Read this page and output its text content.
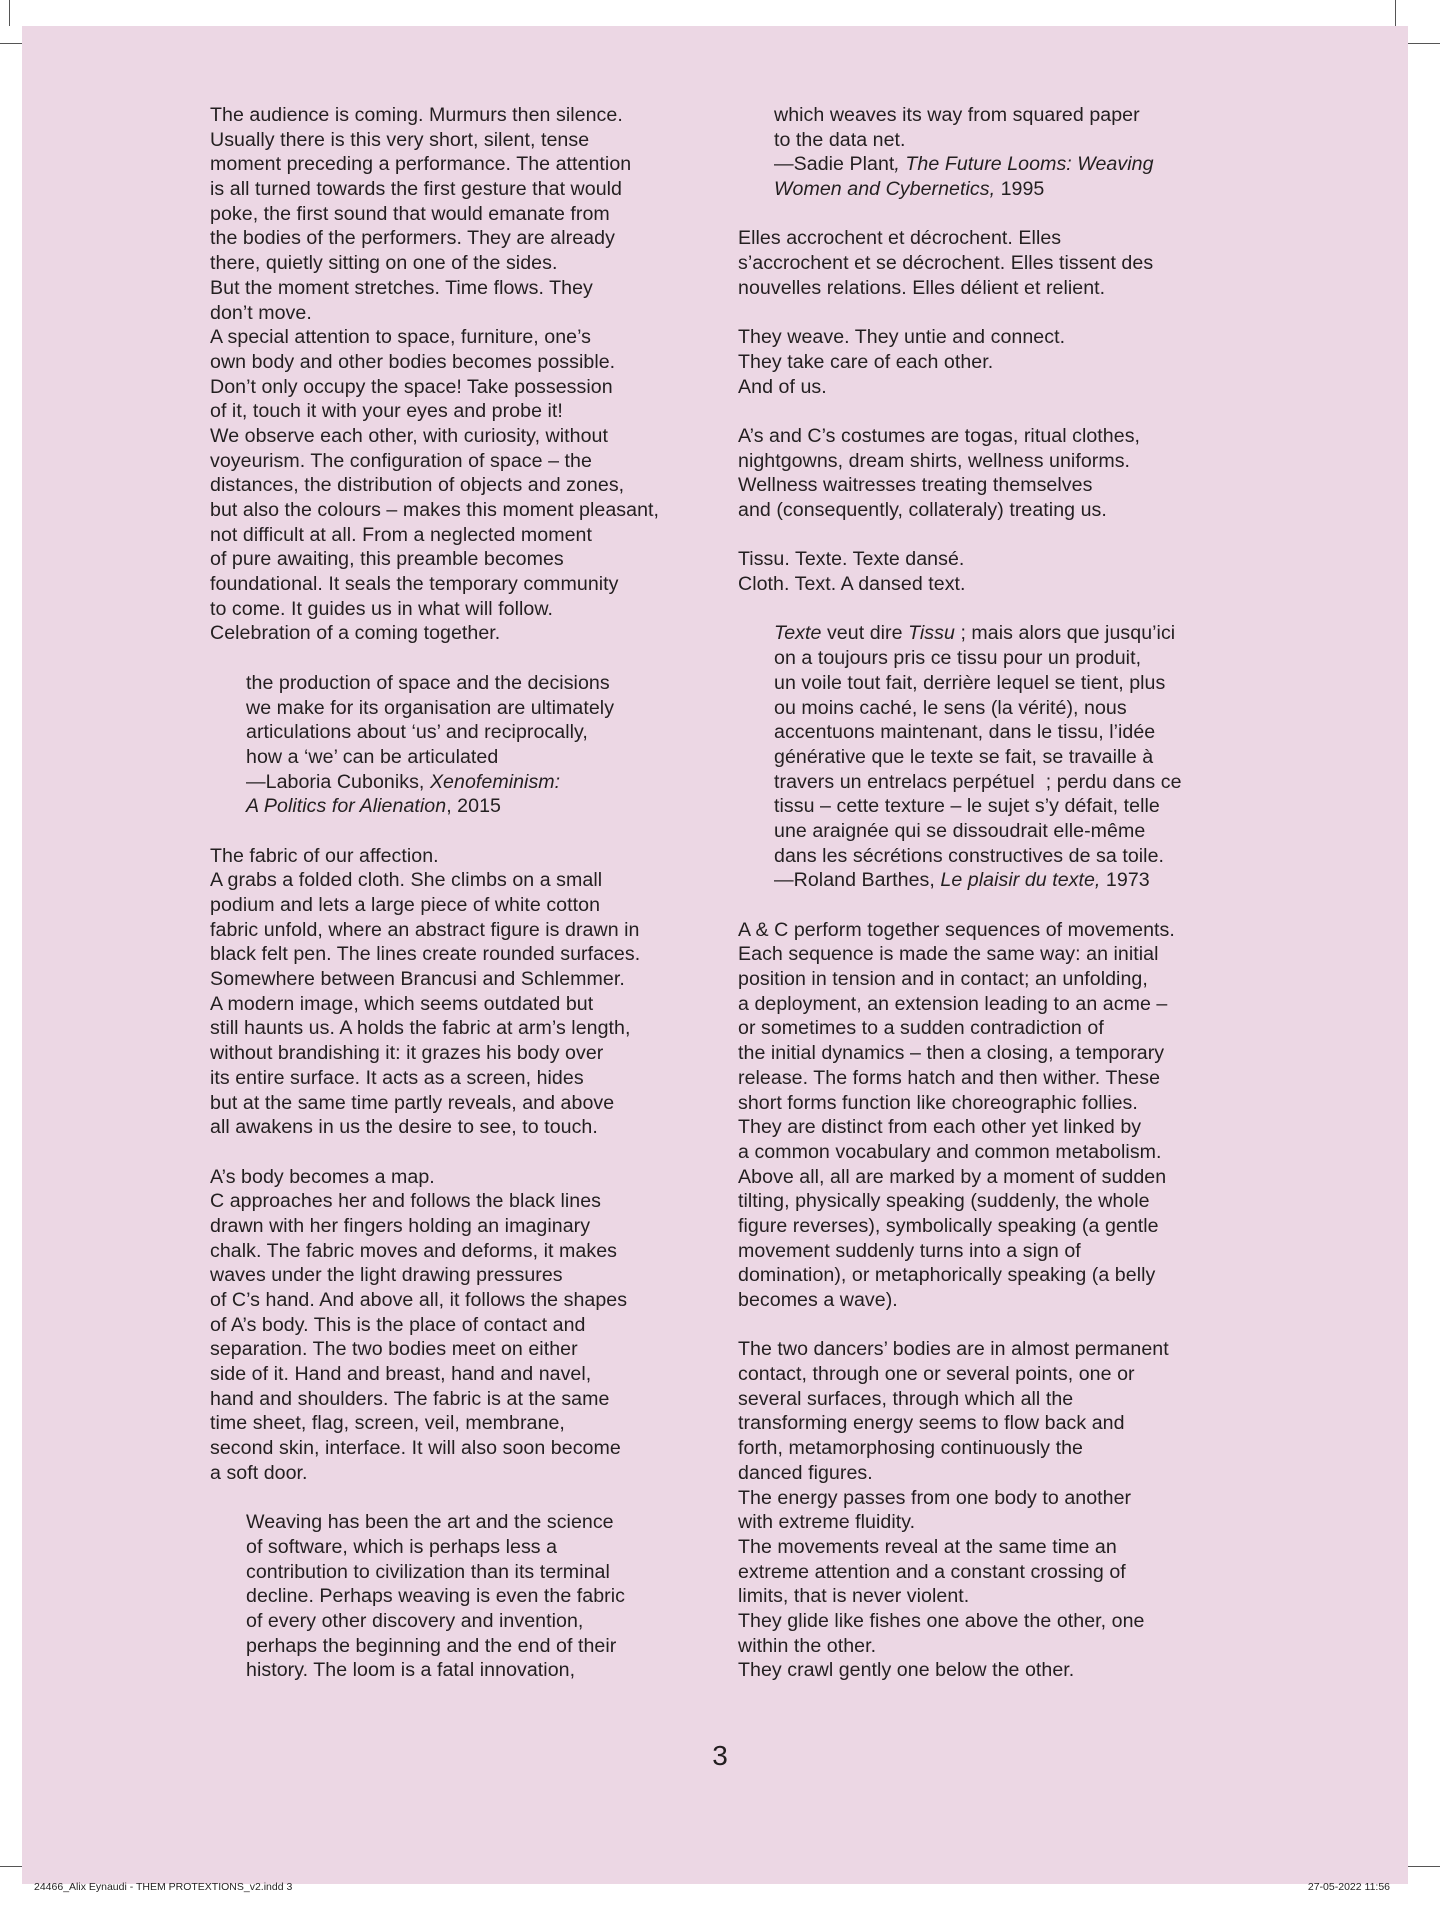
The audience is coming. Murmurs then silence.
Usually there is this very short, silent, tense
moment preceding a performance. The attention
is all turned towards the first gesture that would
poke, the first sound that would emanate from
the bodies of the performers. They are already
there, quietly sitting on one of the sides.
But the moment stretches. Time flows. They
don’t move.
A special attention to space, furniture, one’s
own body and other bodies becomes possible.
Don’t only occupy the space! Take possession
of it, touch it with your eyes and probe it!
We observe each other, with curiosity, without
voyeurism. The configuration of space – the
distances, the distribution of objects and zones,
but also the colours – makes this moment pleasant,
not difficult at all. From a neglected moment
of pure awaiting, this preamble becomes
foundational. It seals the temporary community
to come. It guides us in what will follow.
Celebration of a coming together.
the production of space and the decisions
we make for its organisation are ultimately
articulations about ‘us’ and reciprocally,
how a ‘we’ can be articulated
—Laboria Cuboniks, Xenofeminism:
A Politics for Alienation, 2015
The fabric of our affection.
A grabs a folded cloth. She climbs on a small
podium and lets a large piece of white cotton
fabric unfold, where an abstract figure is drawn in
black felt pen. The lines create rounded surfaces.
Somewhere between Brancusi and Schlemmer.
A modern image, which seems outdated but
still haunts us. A holds the fabric at arm’s length,
without brandishing it: it grazes his body over
its entire surface. It acts as a screen, hides
but at the same time partly reveals, and above
all awakens in us the desire to see, to touch.
A’s body becomes a map.
C approaches her and follows the black lines
drawn with her fingers holding an imaginary
chalk. The fabric moves and deforms, it makes
waves under the light drawing pressures
of C’s hand. And above all, it follows the shapes
of A’s body. This is the place of contact and
separation. The two bodies meet on either
side of it. Hand and breast, hand and navel,
hand and shoulders. The fabric is at the same
time sheet, flag, screen, veil, membrane,
second skin, interface. It will also soon become
a soft door.
Weaving has been the art and the science
of software, which is perhaps less a
contribution to civilization than its terminal
decline. Perhaps weaving is even the fabric
of every other discovery and invention,
perhaps the beginning and the end of their
history. The loom is a fatal innovation,
which weaves its way from squared paper
to the data net.
—Sadie Plant, The Future Looms: Weaving
Women and Cybernetics, 1995
Elles accrochent et décrochent. Elles
s’accrochent et se décrochent. Elles tissent des
nouvelles relations. Elles délient et relient.
They weave. They untie and connect.
They take care of each other.
And of us.
A’s and C’s costumes are togas, ritual clothes,
nightgowns, dream shirts, wellness uniforms.
Wellness waitresses treating themselves
and (consequently, collateraly) treating us.
Tissu. Texte. Texte dansé.
Cloth. Text. A dansed text.
Texte veut dire Tissu ; mais alors que jusqu’ici
on a toujours pris ce tissu pour un produit,
un voile tout fait, derrière lequel se tient, plus
ou moins caché, le sens (la vérité), nous
accentuons maintenant, dans le tissu, l’idée
générative que le texte se fait, se travaille à
travers un entrelacs perpétuel  ; perdu dans ce
tissu – cette texture – le sujet s’y défait, telle
une araignée qui se dissoudrait elle-même
dans les sécrétions constructives de sa toile.
—Roland Barthes, Le plaisir du texte, 1973
A & C perform together sequences of movements.
Each sequence is made the same way: an initial
position in tension and in contact; an unfolding,
a deployment, an extension leading to an acme –
or sometimes to a sudden contradiction of
the initial dynamics – then a closing, a temporary
release. The forms hatch and then wither. These
short forms function like choreographic follies.
They are distinct from each other yet linked by
a common vocabulary and common metabolism.
Above all, all are marked by a moment of sudden
tilting, physically speaking (suddenly, the whole
figure reverses), symbolically speaking (a gentle
movement suddenly turns into a sign of
domination), or metaphorically speaking (a belly
becomes a wave).
The two dancers’ bodies are in almost permanent
contact, through one or several points, one or
several surfaces, through which all the
transforming energy seems to flow back and
forth, metamorphosing continuously the
danced figures.
The energy passes from one body to another
with extreme fluidity.
The movements reveal at the same time an
extreme attention and a constant crossing of
limits, that is never violent.
They glide like fishes one above the other, one
within the other.
They crawl gently one below the other.
3
24466_Alix Eynaudi - THEM PROTEXTIONS_v2.indd 3	27-05-2022 11:56
